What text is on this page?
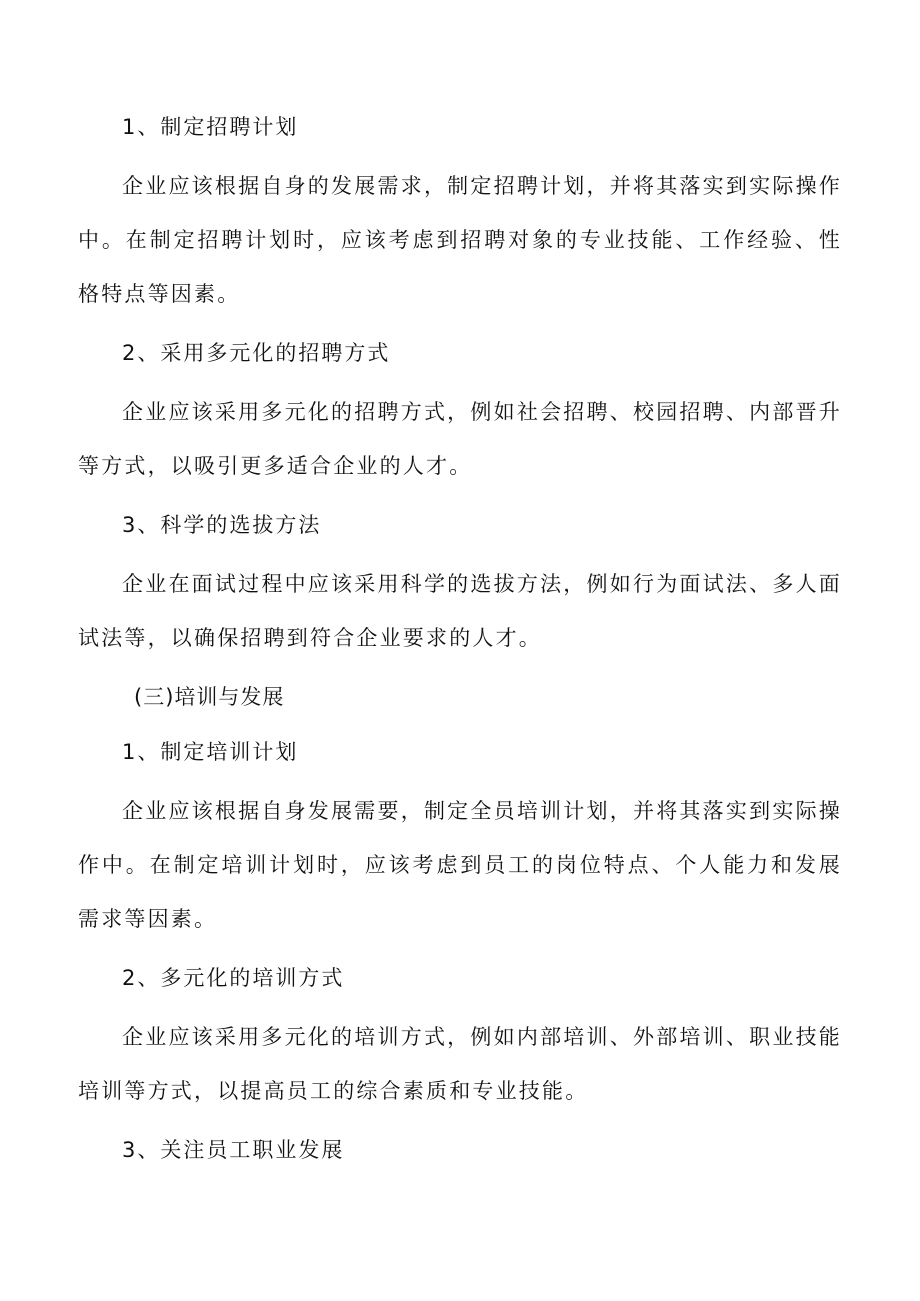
1、制定招聘计划

企业应该根据自身的发展需求，制定招聘计划，并将其落实到实际操作中。在制定招聘计划时，应该考虑到招聘对象的专业技能、工作经验、性格特点等因素。

2、采用多元化的招聘方式

企业应该采用多元化的招聘方式，例如社会招聘、校园招聘、内部晋升等方式，以吸引更多适合企业的人才。

3、科学的选拔方法

企业在面试过程中应该采用科学的选拔方法，例如行为面试法、多人面试法等，以确保招聘到符合企业要求的人才。

(三)培训与发展

1、制定培训计划

企业应该根据自身发展需要，制定全员培训计划，并将其落实到实际操作中。在制定培训计划时，应该考虑到员工的岗位特点、个人能力和发展需求等因素。

2、多元化的培训方式

企业应该采用多元化的培训方式，例如内部培训、外部培训、职业技能培训等方式，以提高员工的综合素质和专业技能。

3、关注员工职业发展
